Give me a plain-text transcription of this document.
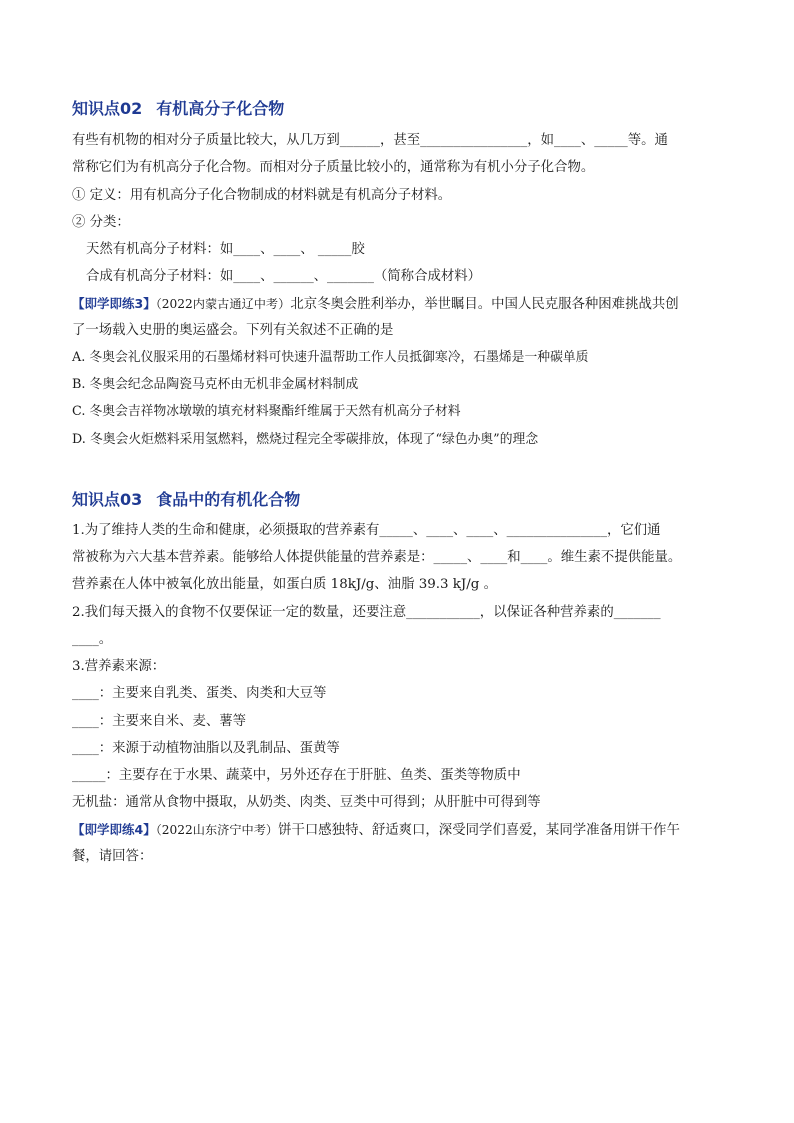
知识点02 有机高分子化合物
有些有机物的相对分子质量比较大，从几万到______，甚至________________，如____、_____等。通
常称它们为有机高分子化合物。而相对分子质量比较小的，通常称为有机小分子化合物。
① 定义：用有机高分子化合物制成的材料就是有机高分子材料。
② 分类：
天然有机高分子材料：如____、____、 _____胶
合成有机高分子材料：如____、______、_______（简称合成材料）
【即学即练3】（2022内蒙古通辽中考）北京冬奥会胜利举办，举世瞩目。中国人民克服各种困难挑战共创
了一场载入史册的奥运盛会。下列有关叙述不正确的是
A. 冬奥会礼仪服采用的石墨烯材料可快速升温帮助工作人员抵御寒冷，石墨烯是一种碳单质
B. 冬奥会纪念品陶瓷马克杯由无机非金属材料制成
C. 冬奥会吉祥物冰墩墩的填充材料聚酯纤维属于天然有机高分子材料
D. 冬奥会火炬燃料采用氢燃料，燃烧过程完全零碳排放，体现了“绿色办奥”的理念
知识点03 食品中的有机化合物
1.为了维持人类的生命和健康，必须摄取的营养素有_____、____、____、_______________，它们通
常被称为六大基本营养素。能够给人体提供能量的营养素是：_____、____和____。维生素不提供能量。
营养素在人体中被氧化放出能量，如蛋白质 18kJ/g、油脂 39.3 kJ/g 。
2.我们每天摄入的食物不仅要保证一定的数量，还要注意___________，以保证各种营养素的_______
____。
3.营养素来源：
____：主要来自乳类、蛋类、肉类和大豆等
____：主要来自米、麦、薯等
____：来源于动植物油脂以及乳制品、蛋黄等
_____：主要存在于水果、蔬菜中，另外还存在于肝脏、鱼类、蛋类等物质中
无机盐：通常从食物中摄取，从奶类、肉类、豆类中可得到；从肝脏中可得到等
【即学即练4】（2022山东济宁中考）饼干口感独特、舒适爽口，深受同学们喜爱，某同学准备用饼干作午
餐，请回答：
